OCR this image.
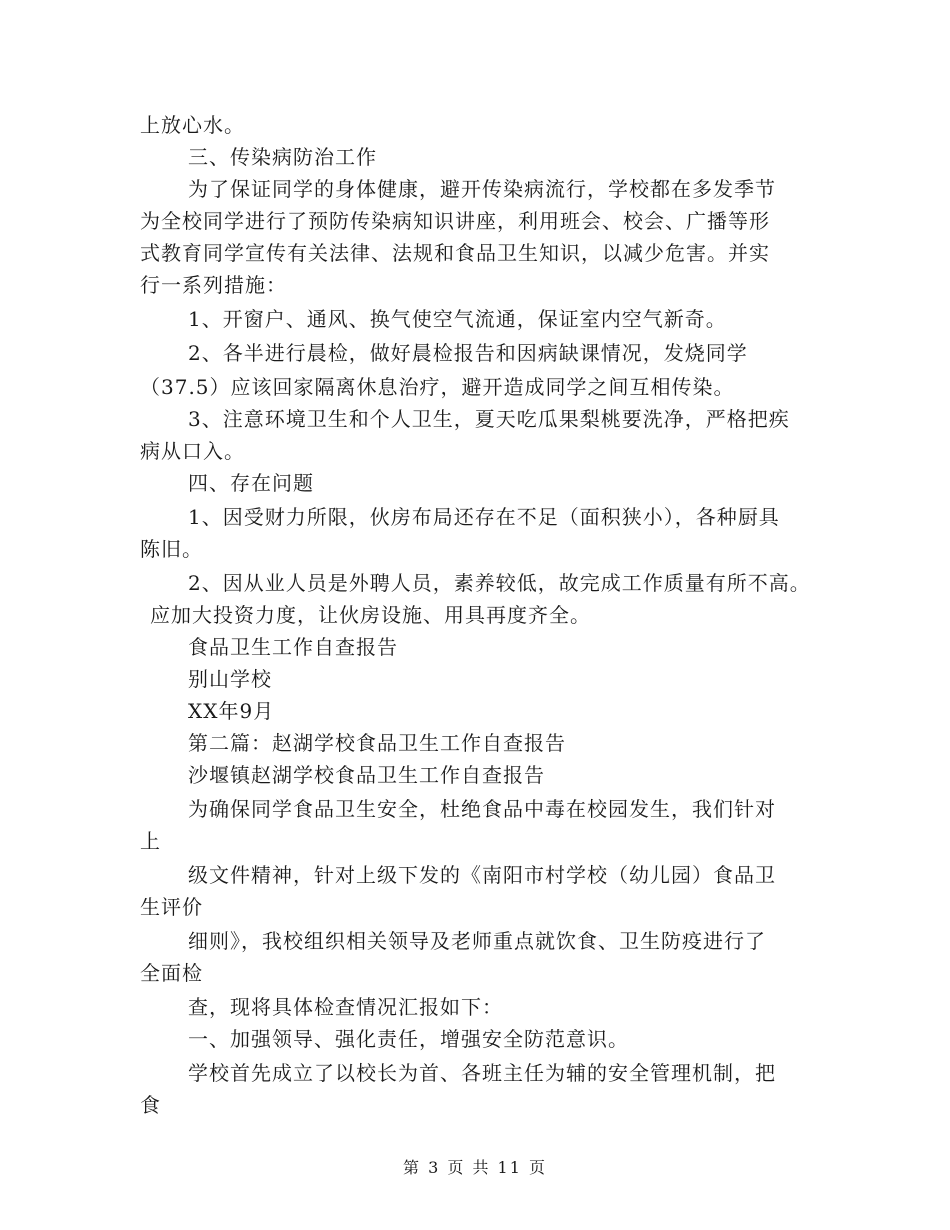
上放心水。
三、传染病防治工作
为了保证同学的身体健康，避开传染病流行，学校都在多发季节
为全校同学进行了预防传染病知识讲座，利用班会、校会、广播等形
式教育同学宣传有关法律、法规和食品卫生知识，以减少危害。并实
行一系列措施：
1、开窗户、通风、换气使空气流通，保证室内空气新奇。
2、各半进行晨检，做好晨检报告和因病缺课情况，发烧同学
（37.5）应该回家隔离休息治疗，避开造成同学之间互相传染。
3、注意环境卫生和个人卫生，夏天吃瓜果梨桃要洗净，严格把疾
病从口入。
四、存在问题
1、因受财力所限，伙房布局还存在不足（面积狭小），各种厨具
陈旧。
2、因从业人员是外聘人员，素养较低，故完成工作质量有所不高。
应加大投资力度，让伙房设施、用具再度齐全。
食品卫生工作自查报告
别山学校
XX年9月
第二篇：赵湖学校食品卫生工作自查报告
沙堰镇赵湖学校食品卫生工作自查报告
为确保同学食品卫生安全，杜绝食品中毒在校园发生，我们针对
上
级文件精神，针对上级下发的《南阳市村学校（幼儿园）食品卫
生评价
细则》，我校组织相关领导及老师重点就饮食、卫生防疫进行了
全面检
查，现将具体检查情况汇报如下：
一、加强领导、强化责任，增强安全防范意识。
学校首先成立了以校长为首、各班主任为辅的安全管理机制，把
食
第 3 页 共 11 页
